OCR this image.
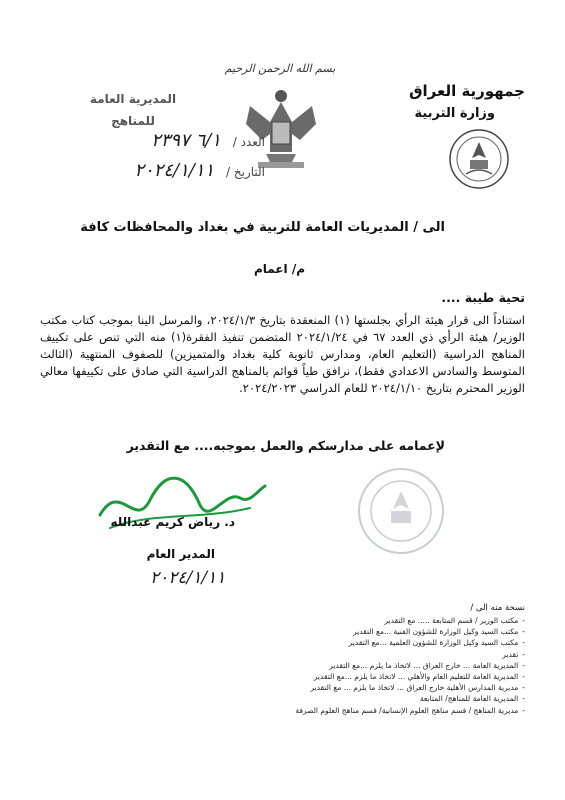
بسم الله الرحمن الرحيم
جمهورية العراق
وزارة التربية
المديرية العامة
للمناهج
العدد / ٦/١ ٢٣٩٧
التاريخ / ٢٠٢٤/١/١١
الى / المديريات العامة للتربية في بغداد والمحافظات كافة
م/ اعمام
تحية طيبة ....
استناداً الى قرار هيئة الرأي بجلستها (١) المنعقدة بتاريخ ٢٠٢٤/١/٣، والمرسل الينا بموجب كتاب مكتب الوزير/ هيئة الرأي ذي العدد ٦٧ في ٢٠٢٤/١/٢٤ المتضمن تنفيذ الفقرة(١) منه التي تنص على تكييف المناهج الدراسية (التعليم العام، ومدارس ثانوية كلية بغداد والمتميزين) للصفوف المنتهية (الثالث المتوسط والسادس الاعدادي فقط)، نرافق طياً قوائم بالمناهج الدراسية التي صادق على تكييفها معالي الوزير المحترم بتاريخ ٢٠٢٤/١/١٠ للعام الدراسي ٢٠٢٤/٢٠٢٣.
لإعمامه على مدارسكم والعمل بموجبه.... مع التقدير
د. رياض كريم عبدالله
المدير العام
٢٠٢٤/١/١١
نسخة منه الى /
-مكتب الوزير / قسم المتابعة ..... مع التقدير
-مكتب السيد وكيل الوزارة للشؤون الفنية ...مع التقدير
-مكتب السيد وكيل الوزارة للشؤون العلمية ...مع التقدير
-تقدير
-المديرية العامة ... خارج العراق ... لاتخاذ ما يلزم ...مع التقدير
-المديرية العامة للتعليم العام والأهلي ... لاتخاذ ما يلزم ...مع التقدير
-مديرية المدارس الأهلية خارج العراق ... لاتخاذ ما يلزم ... مع التقدير
-المديرية العامة للمناهج/ المتابعة
-مديرية المناهج / قسم مناهج العلوم الإنسانية/ قسم مناهج العلوم الصرفة
